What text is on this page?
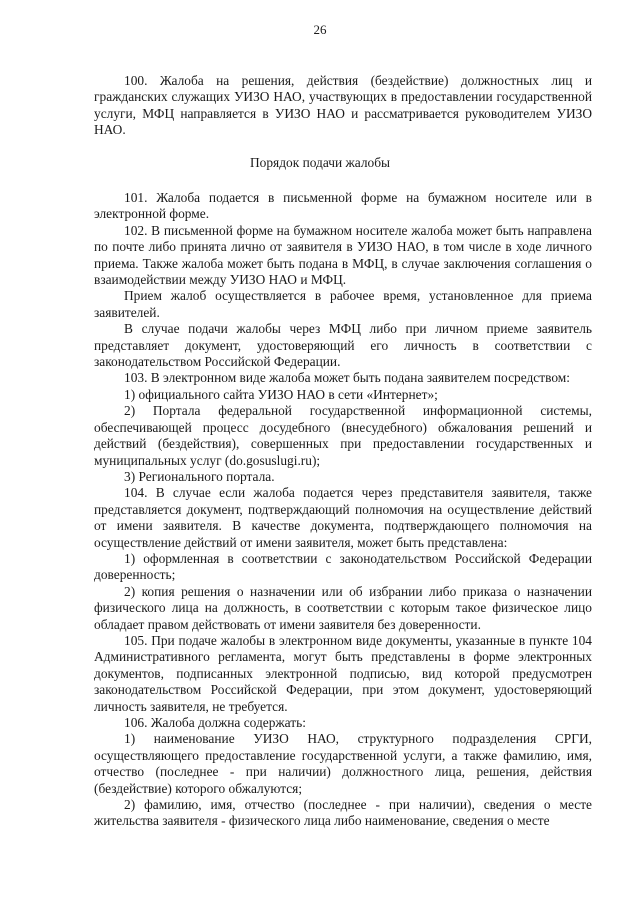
26

100. Жалоба на решения, действия (бездействие) должностных лиц и гражданских служащих УИЗО НАО, участвующих в предоставлении государственной услуги, МФЦ направляется в УИЗО НАО и рассматривается руководителем УИЗО НАО.

Порядок подачи жалобы

101. Жалоба подается в письменной форме на бумажном носителе или в электронной форме.

102. В письменной форме на бумажном носителе жалоба может быть направлена по почте либо принята лично от заявителя в УИЗО НАО, в том числе в ходе личного приема. Также жалоба может быть подана в МФЦ, в случае заключения соглашения о взаимодействии между УИЗО НАО и МФЦ.

Прием жалоб осуществляется в рабочее время, установленное для приема заявителей.

В случае подачи жалобы через МФЦ либо при личном приеме заявитель представляет документ, удостоверяющий его личность в соответствии с законодательством Российской Федерации.

103. В электронном виде жалоба может быть подана заявителем посредством:

1) официального сайта УИЗО НАО в сети «Интернет»;

2) Портала федеральной государственной информационной системы, обеспечивающей процесс досудебного (внесудебного) обжалования решений и действий (бездействия), совершенных при предоставлении государственных и муниципальных услуг (do.gosuslugi.ru);

3) Регионального портала.

104. В случае если жалоба подается через представителя заявителя, также представляется документ, подтверждающий полномочия на осуществление действий от имени заявителя. В качестве документа, подтверждающего полномочия на осуществление действий от имени заявителя, может быть представлена:

1) оформленная в соответствии с законодательством Российской Федерации доверенность;

2) копия решения о назначении или об избрании либо приказа о назначении физического лица на должность, в соответствии с которым такое физическое лицо обладает правом действовать от имени заявителя без доверенности.

105. При подаче жалобы в электронном виде документы, указанные в пункте 104 Административного регламента, могут быть представлены в форме электронных документов, подписанных электронной подписью, вид которой предусмотрен законодательством Российской Федерации, при этом документ, удостоверяющий личность заявителя, не требуется.

106. Жалоба должна содержать:

1) наименование УИЗО НАО, структурного подразделения СРГИ, осуществляющего предоставление государственной услуги, а также фамилию, имя, отчество (последнее - при наличии) должностного лица, решения, действия (бездействие) которого обжалуются;

2) фамилию, имя, отчество (последнее - при наличии), сведения о месте жительства заявителя - физического лица либо наименование, сведения о месте
